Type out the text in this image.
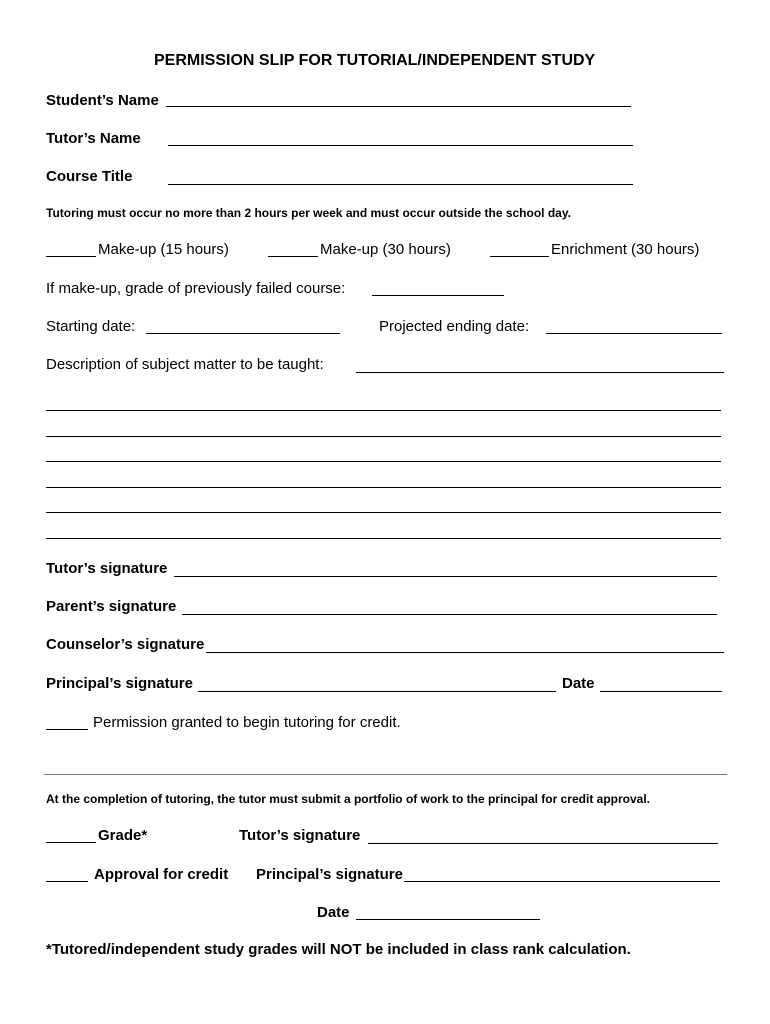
PERMISSION SLIP FOR TUTORIAL/INDEPENDENT STUDY
Student’s Name
Tutor’s Name
Course Title
Tutoring must occur no more than 2 hours per week and must occur outside the school day.
Make-up (15 hours)	Make-up (30 hours)	Enrichment (30 hours)
If make-up, grade of previously failed course:
Starting date:	Projected ending date:
Description of subject matter to be taught:
Tutor’s signature
Parent’s signature
Counselor’s signature
Principal’s signature	Date
Permission granted to begin tutoring for credit.
At the completion of tutoring, the tutor must submit a portfolio of work to the principal for credit approval.
Grade*	Tutor’s signature
Approval for credit Principal’s signature
Date
*Tutored/independent study grades will NOT be included in class rank calculation.
